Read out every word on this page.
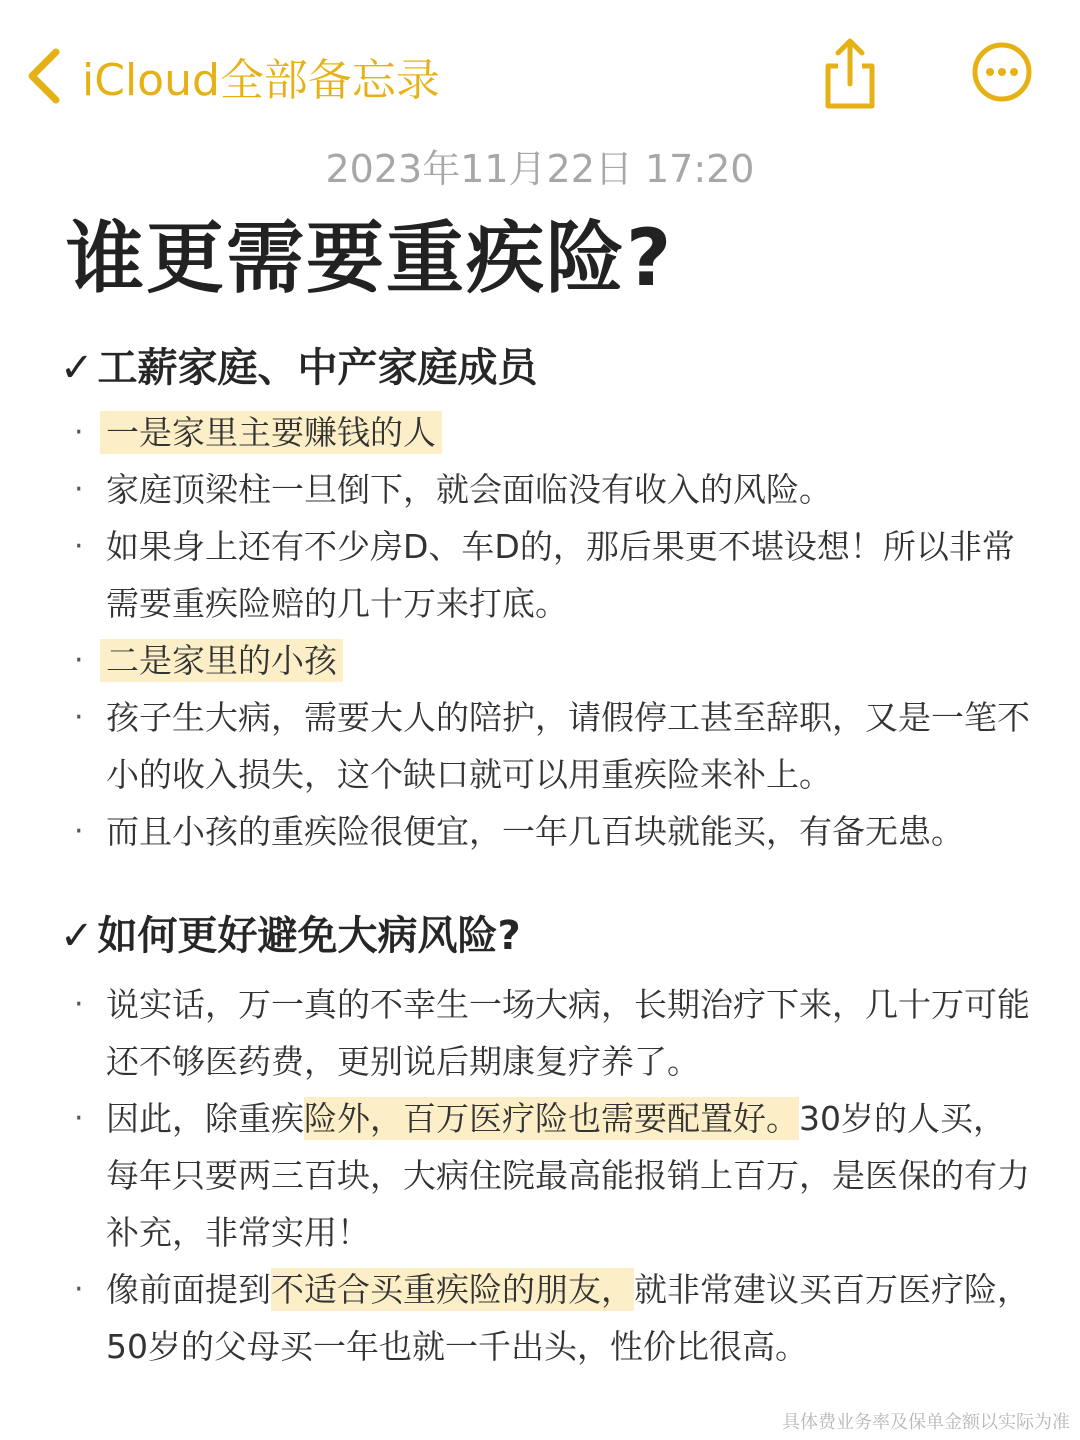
iCloud全部备忘录
2023年11月22日 17:20
谁更需要重疾险?
✓ 工薪家庭、中产家庭成员
· 一是家里主要赚钱的人
· 家庭顶梁柱一旦倒下，就会面临没有收入的风险。
· 如果身上还有不少房D、车D的，那后果更不堪设想！所以非常需要重疾险赔的几十万来打底。
· 二是家里的小孩
· 孩子生大病，需要大人的陪护，请假停工甚至辞职，又是一笔不小的收入损失，这个缺口就可以用重疾险来补上。
· 而且小孩的重疾险很便宜，一年几百块就能买，有备无患。
✓ 如何更好避免大病风险?
· 说实话，万一真的不幸生一场大病，长期治疗下来，几十万可能还不够医药费，更别说后期康复疗养了。
· 因此，除重疾险外，百万医疗险也需要配置好。30岁的人买，每年只要两三百块，大病住院最高能报销上百万，是医保的有力补充，非常实用！
· 像前面提到不适合买重疾险的朋友，就非常建议买百万医疗险，50岁的父母买一年也就一千出头，性价比很高。
具体费业务率及保单金额以实际为准
